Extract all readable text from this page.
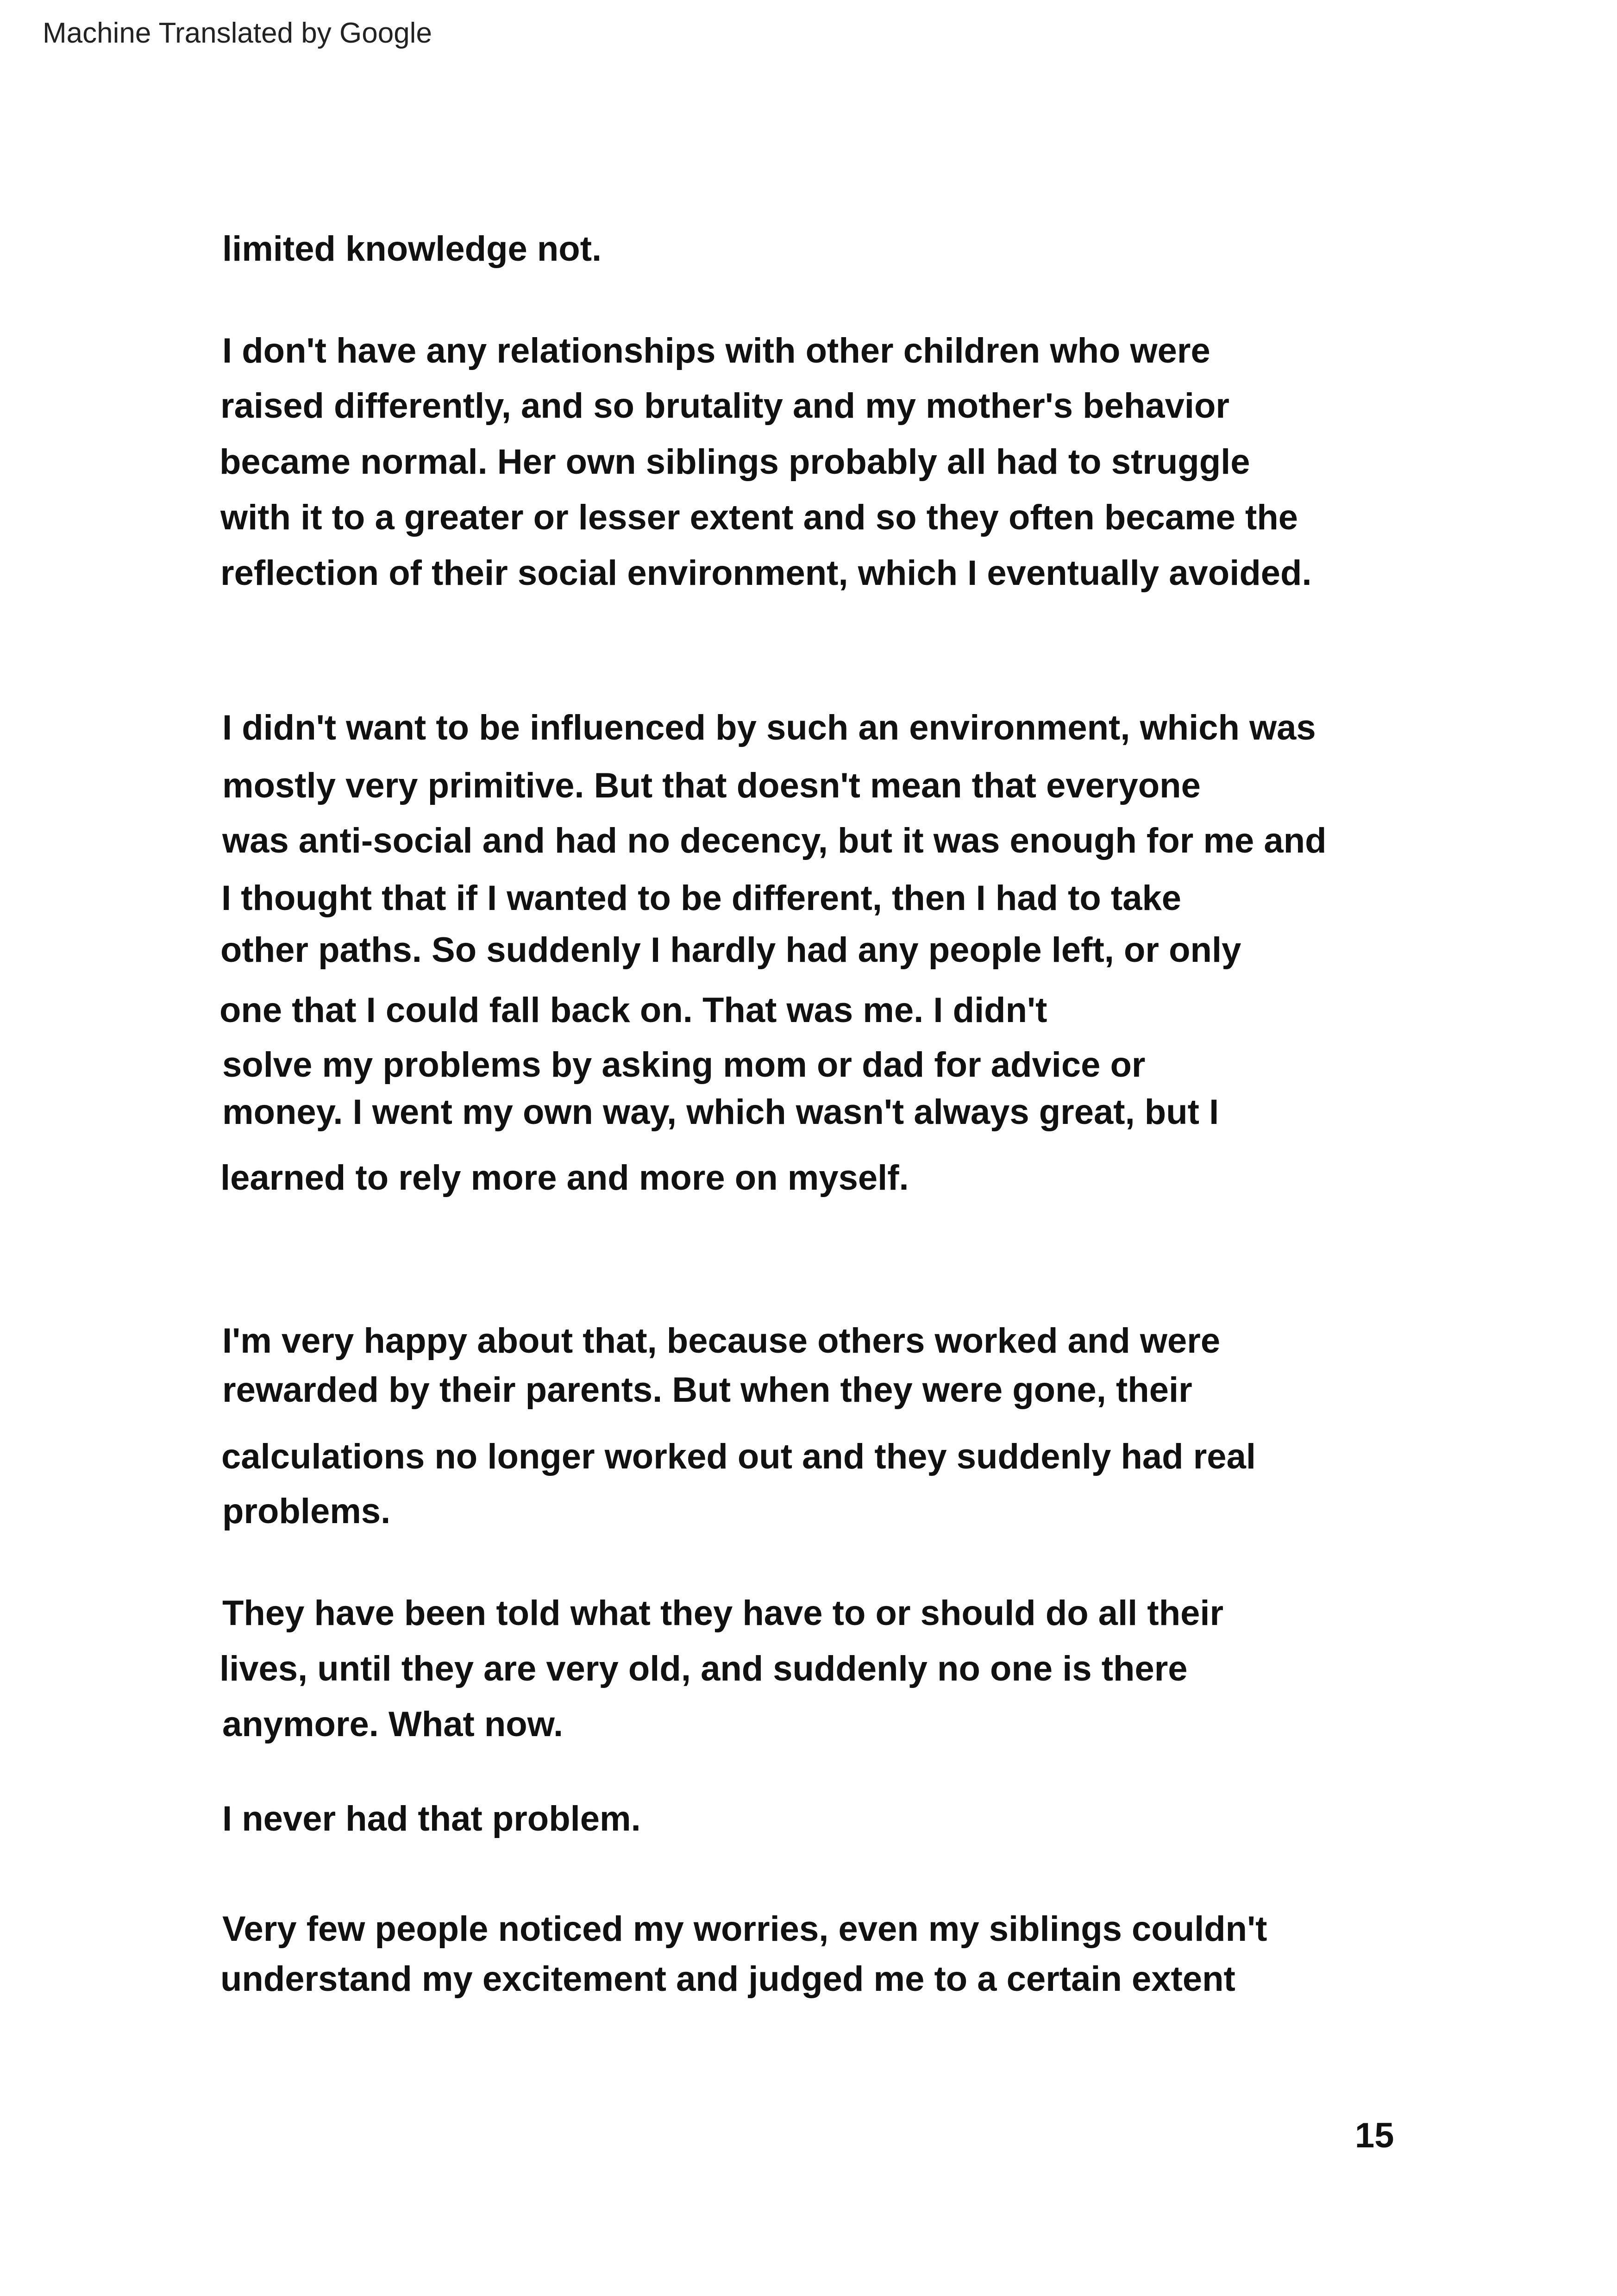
Machine Translated by Google
limited knowledge not.
I don't have any relationships with other children who were
raised differently, and so brutality and my mother's behavior
became normal. Her own siblings probably all had to struggle
with it to a greater or lesser extent and so they often became the
reflection of their social environment, which I eventually avoided.
I didn't want to be influenced by such an environment, which was
mostly very primitive. But that doesn't mean that everyone
was anti-social and had no decency, but it was enough for me and
I thought that if I wanted to be different, then I had to take
other paths. So suddenly I hardly had any people left, or only
one that I could fall back on. That was me. I didn't
solve my problems by asking mom or dad for advice or
money. I went my own way, which wasn't always great, but I
learned to rely more and more on myself.
I'm very happy about that, because others worked and were
rewarded by their parents. But when they were gone, their
calculations no longer worked out and they suddenly had real
problems.
They have been told what they have to or should do all their
lives, until they are very old, and suddenly no one is there
anymore. What now.
I never had that problem.
Very few people noticed my worries, even my siblings couldn't
understand my excitement and judged me to a certain extent
15
